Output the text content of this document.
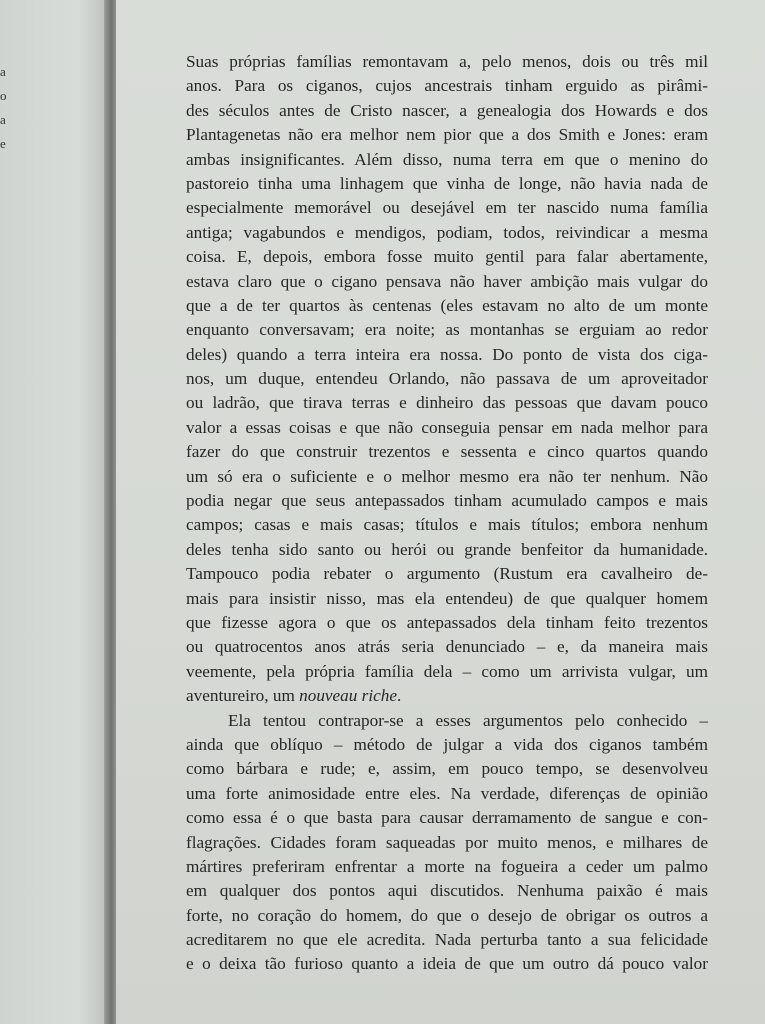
a
o
a
e
Suas próprias famílias remontavam a, pelo menos, dois ou três mil
anos. Para os ciganos, cujos ancestrais tinham erguido as pirâmi-
des séculos antes de Cristo nascer, a genealogia dos Howards e dos
Plantagenetas não era melhor nem pior que a dos Smith e Jones: eram
ambas insignificantes. Além disso, numa terra em que o menino do
pastoreio tinha uma linhagem que vinha de longe, não havia nada de
especialmente memorável ou desejável em ter nascido numa família
antiga; vagabundos e mendigos, podiam, todos, reivindicar a mesma
coisa. E, depois, embora fosse muito gentil para falar abertamente,
estava claro que o cigano pensava não haver ambição mais vulgar do
que a de ter quartos às centenas (eles estavam no alto de um monte
enquanto conversavam; era noite; as montanhas se erguiam ao redor
deles) quando a terra inteira era nossa. Do ponto de vista dos ciga-
nos, um duque, entendeu Orlando, não passava de um aproveitador
ou ladrão, que tirava terras e dinheiro das pessoas que davam pouco
valor a essas coisas e que não conseguia pensar em nada melhor para
fazer do que construir trezentos e sessenta e cinco quartos quando
um só era o suficiente e o melhor mesmo era não ter nenhum. Não
podia negar que seus antepassados tinham acumulado campos e mais
campos; casas e mais casas; títulos e mais títulos; embora nenhum
deles tenha sido santo ou herói ou grande benfeitor da humanidade.
Tampouco podia rebater o argumento (Rustum era cavalheiro de-
mais para insistir nisso, mas ela entendeu) de que qualquer homem
que fizesse agora o que os antepassados dela tinham feito trezentos
ou quatrocentos anos atrás seria denunciado – e, da maneira mais
veemente, pela própria família dela – como um arrivista vulgar, um
aventureiro, um nouveau riche.
Ela tentou contrapor-se a esses argumentos pelo conhecido –
ainda que oblíquo – método de julgar a vida dos ciganos também
como bárbara e rude; e, assim, em pouco tempo, se desenvolveu
uma forte animosidade entre eles. Na verdade, diferenças de opinião
como essa é o que basta para causar derramamento de sangue e con-
flagrações. Cidades foram saqueadas por muito menos, e milhares de
mártires preferiram enfrentar a morte na fogueira a ceder um palmo
em qualquer dos pontos aqui discutidos. Nenhuma paixão é mais
forte, no coração do homem, do que o desejo de obrigar os outros a
acreditarem no que ele acredita. Nada perturba tanto a sua felicidade
e o deixa tão furioso quanto a ideia de que um outro dá pouco valor
